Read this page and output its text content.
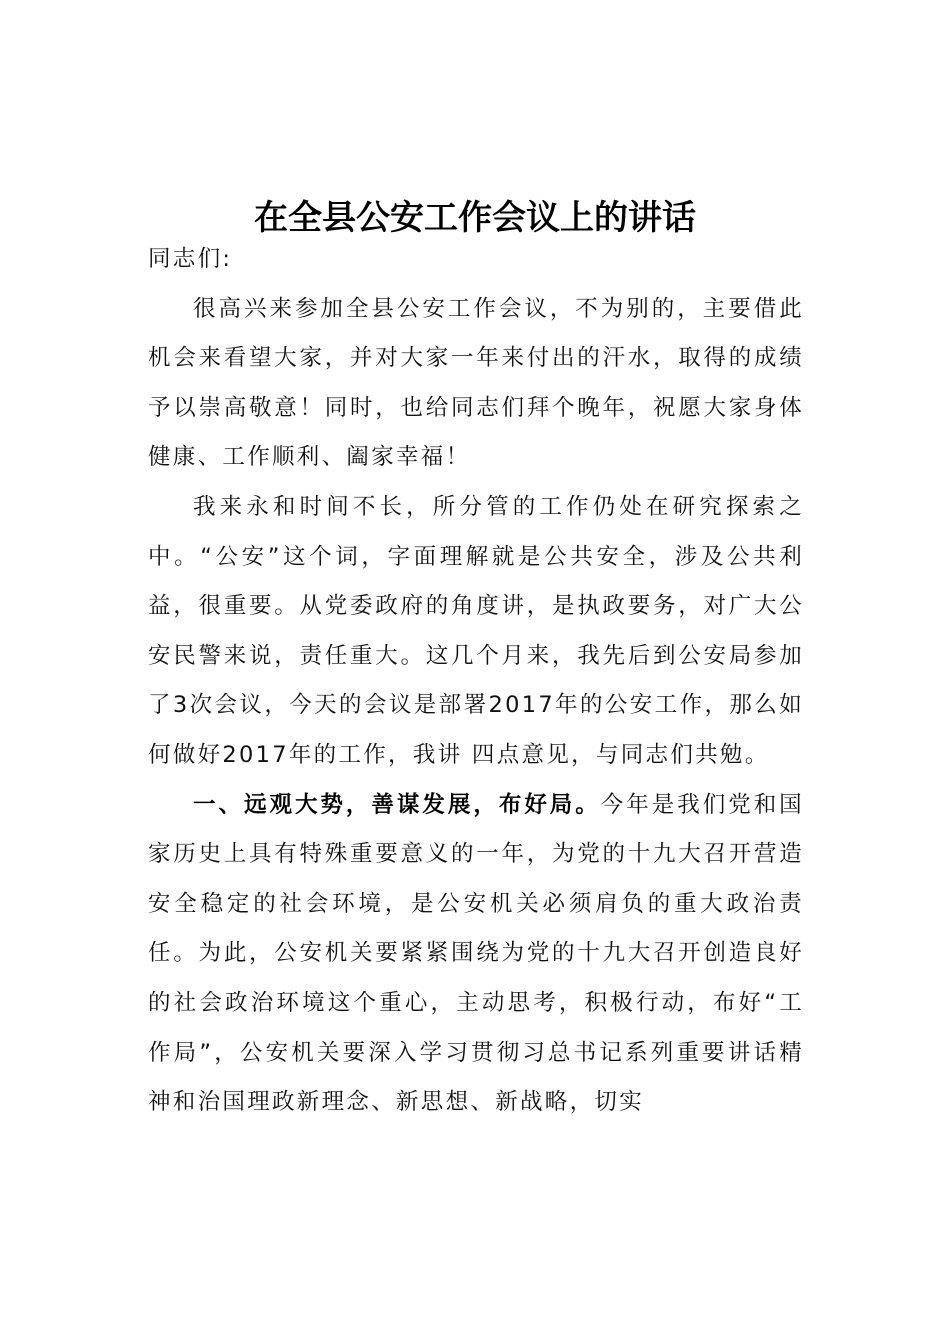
在全县公安工作会议上的讲话

同志们:

很高兴来参加全县公安工作会议，不为别的，主要借此机会来看望大家，并对大家一年来付出的汗水，取得的成绩予以崇高敬意！同时，也给同志们拜个晚年，祝愿大家身体健康、工作顺利、阖家幸福！

我来永和时间不长，所分管的工作仍处在研究探索之中。“公安”这个词，字面理解就是公共安全，涉及公共利益，很重要。从党委政府的角度讲，是执政要务，对广大公安民警来说，责任重大。这几个月来，我先后到公安局参加了3次会议，今天的会议是部署2017年的公安工作，那么如何做好2017年的工作，我讲 四点意见，与同志们共勉。

一、远观大势，善谋发展，布好局。今年是我们党和国家历史上具有特殊重要意义的一年，为党的十九大召开营造安全稳定的社会环境，是公安机关必须肩负的重大政治责任。为此，公安机关要紧紧围绕为党的十九大召开创造良好的社会政治环境这个重心，主动思考，积极行动，布好“工作局”，公安机关要深入学习贯彻习总书记系列重要讲话精神和治国理政新理念、新思想、新战略，切实
